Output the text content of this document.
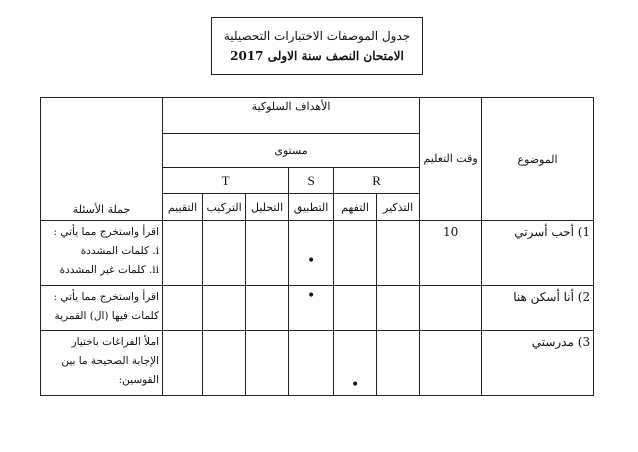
جدول الموصفات الاختبارات التحصيلية
الامتحان النصف سنة الاولى 2017
الموضوع	وقت التعليم	الأهداف السلوكية						جملة الأسئلة
		مستوى						
		R		S	T			
		التذكير	التفهم	التطبيق	التحليل	التركيب	التقييم	
1) أحب أسرتي	10			•				اقرأ واستخرج مما يأتي :
i. كلمات المشددة
ii. كلمات غير المشددة

2) أنا أسكن هنا				•				اقرأ واستخرج مما يأتي :
كلمات فيها (ال) القمرية

3) مدرستي			•					املأ الفراغات باختيار
الإجابة الصحيحة ما بين
القوسين:
